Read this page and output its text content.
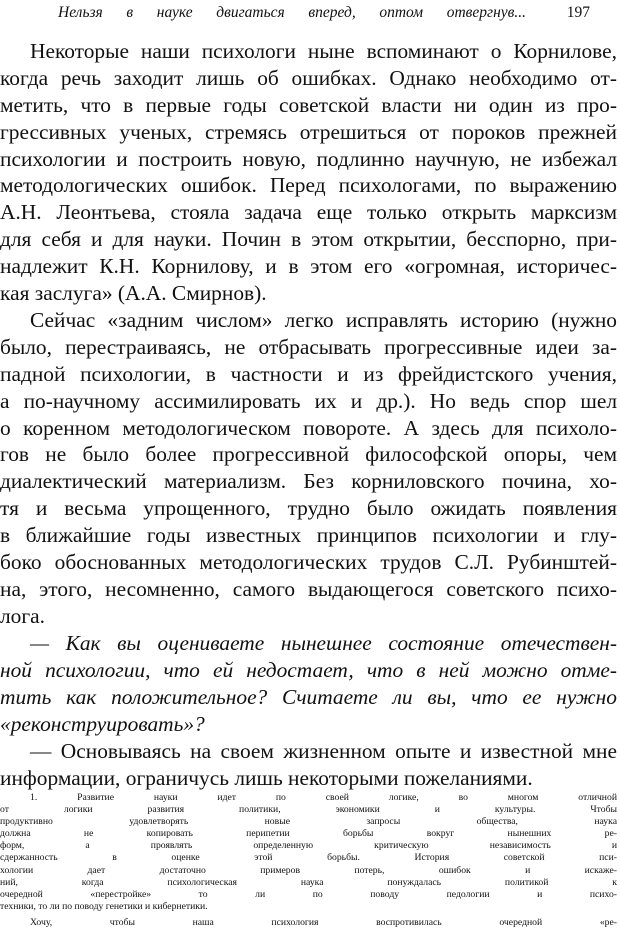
Нельзя в науке двигаться вперед, оптом отвергнув...	197

Некоторые наши психологи ныне вспоминают о Корнилове,
когда речь заходит лишь об ошибках. Однако необходимо от-
метить, что в первые годы советской власти ни один из про-
грессивных ученых, стремясь отрешиться от пороков прежней
психологии и построить новую, подлинно научную, не избежал
методологических ошибок. Перед психологами, по выражению
А.Н. Леонтьева, стояла задача еще только открыть марксизм
для себя и для науки. Почин в этом открытии, бесспорно, при-
надлежит К.Н. Корнилову, и в этом его «огромная, историчес-
кая заслуга» (А.А. Смирнов).

Сейчас «задним числом» легко исправлять историю (нужно
было, перестраиваясь, не отбрасывать прогрессивные идеи за-
падной психологии, в частности и из фрейдистского учения,
а по-научному ассимилировать их и др.). Но ведь спор шел
о коренном методологическом повороте. А здесь для психоло-
гов не было более прогрессивной философской опоры, чем
диалектический материализм. Без корниловского почина, хо-
тя и весьма упрощенного, трудно было ожидать появления
в ближайшие годы известных принципов психологии и глу-
боко обоснованных методологических трудов С.Л. Рубинштей-
на, этого, несомненно, самого выдающегося советского психо-
лога.

— Как вы оцениваете нынешнее состояние отечествен-
ной психологии, что ей недостает, что в ней можно отме-
тить как положительное? Считаете ли вы, что ее нужно
«реконструировать»?

— Основываясь на своем жизненном опыте и известной мне
информации, ограничусь лишь некоторыми пожеланиями.

1. Развитие науки идет по своей логике, во многом отличной
от логики развития политики, экономики и культуры. Чтобы
продуктивно удовлетворять новые запросы общества, наука
должна не копировать перипетии борьбы вокруг нынешних ре-
форм, а проявлять определенную критическую независимость и
сдержанность в оценке этой борьбы. История советской пси-
хологии дает достаточно примеров потерь, ошибок и искаже-
ний, когда психологическая наука понуждалась политикой к
очередной «перестройке» то ли по поводу педологии и психо-
техники, то ли по поводу генетики и кибернетики.

Хочу, чтобы наша психология воспротивилась очередной «ре-
